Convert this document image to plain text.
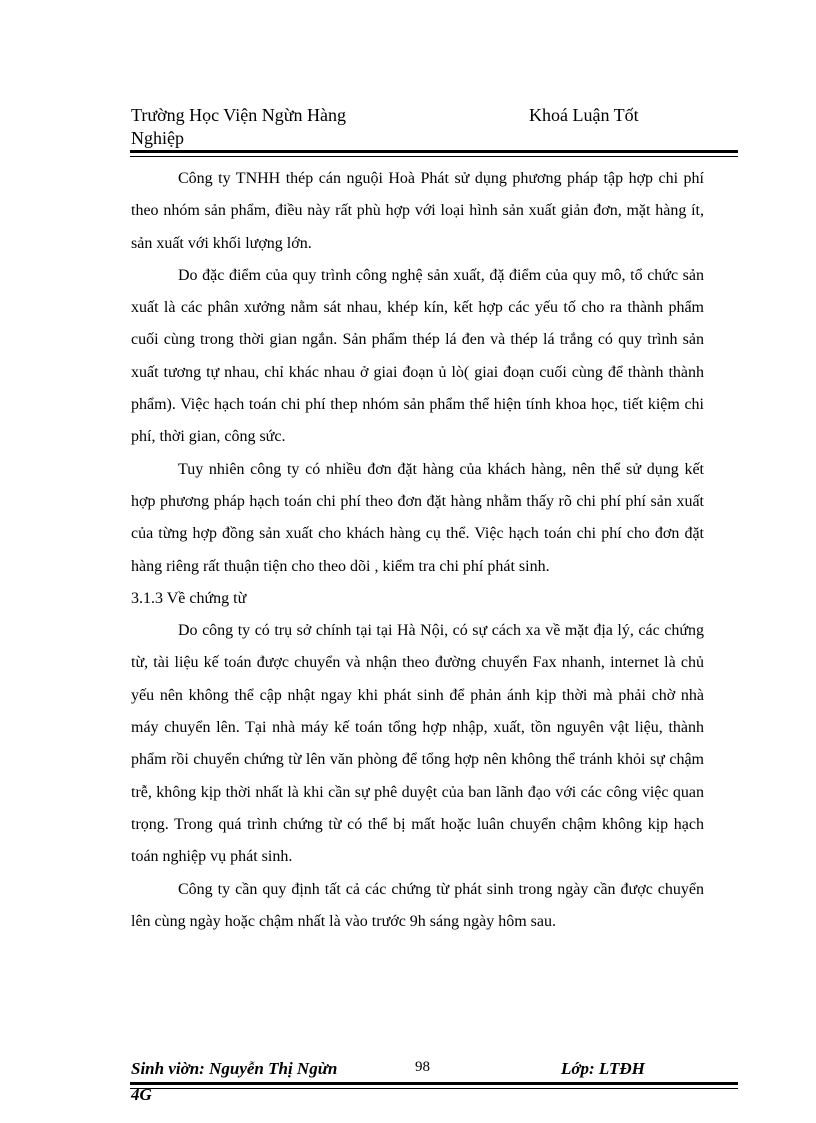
Trường Học Viện Ngừn Hàng	Khoá Luận Tốt
Nghiệp

Công ty TNHH thép cán nguội Hoà Phát sử dụng phương pháp tập hợp chi phí theo nhóm sản phẩm, điều này rất phù hợp với loại hình sản xuất giản đơn, mặt hàng ít, sản xuất với khối lượng lớn.

Do đặc điểm của quy trình công nghệ sản xuất, đặ điểm của quy mô, tổ chức sản xuất là các phân xưởng nằm sát nhau, khép kín, kết hợp các yếu tố cho ra thành phẩm cuối cùng trong thời gian ngắn. Sản phẩm thép lá đen và thép lá trắng có quy trình sản xuất tương tự nhau, chỉ khác nhau ở giai đoạn ủ lò( giai đoạn cuối cùng để thành thành phẩm). Việc hạch toán chi phí thep nhóm sản phẩm thể hiện tính khoa học, tiết kiệm chi phí, thời gian, công sức.

Tuy nhiên công ty có nhiều đơn đặt hàng của khách hàng, nên thể sử dụng kết hợp phương pháp hạch toán chi phí theo đơn đặt hàng nhằm thấy rõ chi phí phí sản xuất của từng hợp đồng sản xuất cho khách hàng cụ thể. Việc hạch toán chi phí cho đơn đặt hàng riêng rất thuận tiện cho theo dõi , kiểm tra chi phí phát sinh.

3.1.3 Về chứng từ

Do công ty có trụ sở chính tại tại Hà Nội, có sự cách xa về mặt địa lý, các chứng từ, tài liệu kế toán được chuyển và nhận theo đường chuyển Fax nhanh, internet là chủ yếu nên không thể cập nhật ngay khi phát sinh để phản ánh kịp thời mà phải chờ nhà máy chuyển lên. Tại nhà máy kế toán tổng hợp nhập, xuất, tồn nguyên vật liệu, thành phẩm rồi chuyển chứng từ lên văn phòng để tổng hợp nên không thể tránh khỏi sự chậm trễ, không kịp thời nhất là khi cần sự phê duyệt của ban lãnh đạo với các công việc quan trọng. Trong quá trình chứng từ có thể bị mất hoặc luân chuyển chậm không kịp hạch toán nghiệp vụ phát sinh.

Công ty cần quy định tất cả các chứng từ phát sinh trong ngày cần được chuyển lên cùng ngày hoặc chậm nhất là vào trước 9h sáng ngày hôm sau.

Sinh viờn: Nguyễn Thị Ngừn	98	Lớp: LTĐH
4G
